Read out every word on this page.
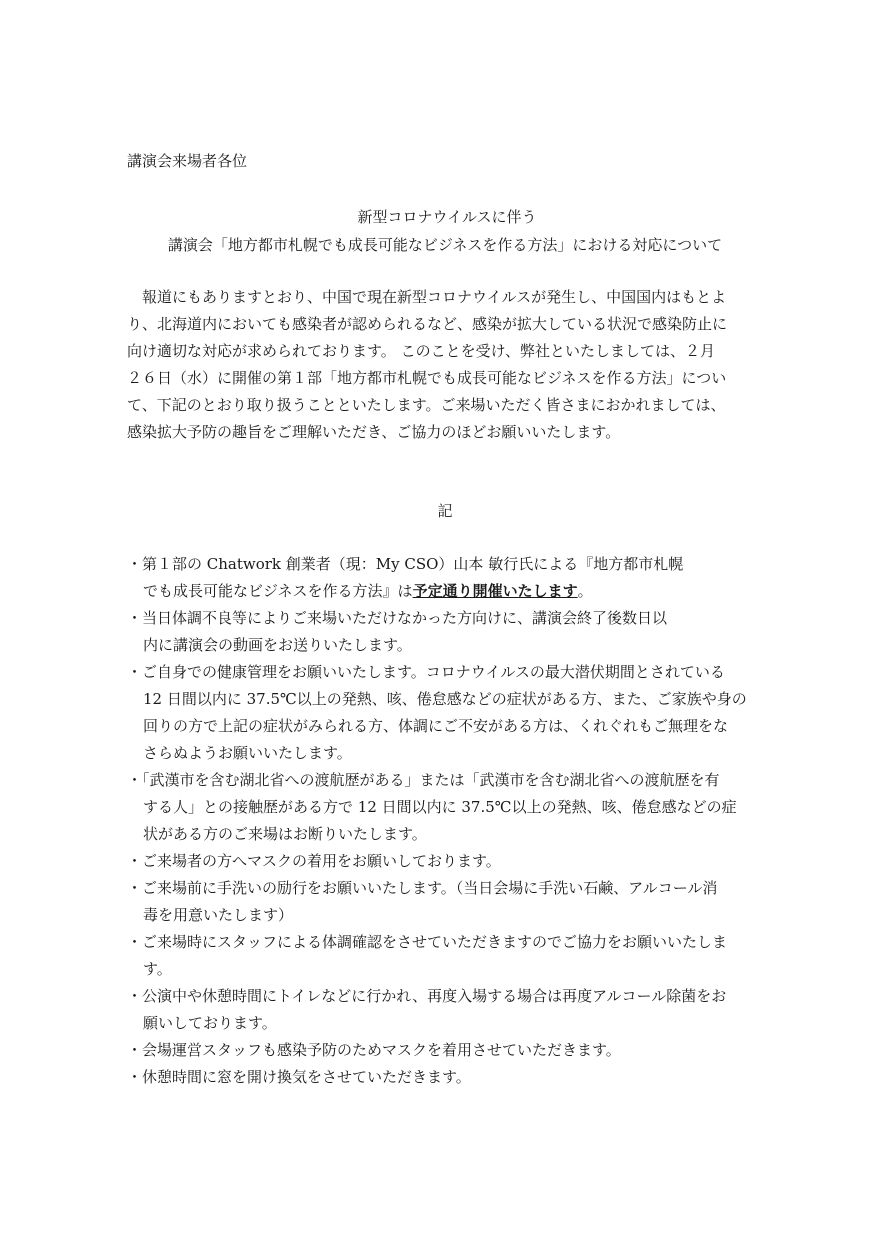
講演会来場者各位
新型コロナウイルスに伴う
講演会「地方都市札幌でも成長可能なビジネスを作る方法」における対応について
　報道にもありますとおり、中国で現在新型コロナウイルスが発生し、中国国内はもとよ
り、北海道内においても感染者が認められるなど、感染が拡大している状況で感染防止に
向け適切な対応が求められております。 このことを受け、弊社といたしましては、２月
２６日（水）に開催の第１部「地方都市札幌でも成長可能なビジネスを作る方法」につい
て、下記のとおり取り扱うことといたします。ご来場いただく皆さまにおかれましては、
感染拡大予防の趣旨をご理解いただき、ご協力のほどお願いいたします。
記
・第１部の Chatwork 創業者（現：My CSO）山本 敏行氏による『地方都市札幌
でも成長可能なビジネスを作る方法』は予定通り開催いたします。
・当日体調不良等によりご来場いただけなかった方向けに、講演会終了後数日以
内に講演会の動画をお送りいたします。
・ご自身での健康管理をお願いいたします。コロナウイルスの最大潜伏期間とされている
12 日間以内に 37.5℃以上の発熱、咳、倦怠感などの症状がある方、また、ご家族や身の
回りの方で上記の症状がみられる方、体調にご不安がある方は、くれぐれもご無理をな
さらぬようお願いいたします。
・「武漢市を含む湖北省への渡航歴がある」または「武漢市を含む湖北省への渡航歴を有
する人」との接触歴がある方で 12 日間以内に 37.5℃以上の発熱、咳、倦怠感などの症
状がある方のご来場はお断りいたします。
・ご来場者の方へマスクの着用をお願いしております。
・ご来場前に手洗いの励行をお願いいたします。（当日会場に手洗い石鹸、アルコール消
毒を用意いたします）
・ご来場時にスタッフによる体調確認をさせていただきますのでご協力をお願いいたしま
す。
・公演中や休憩時間にトイレなどに行かれ、再度入場する場合は再度アルコール除菌をお
願いしております。
・会場運営スタッフも感染予防のためマスクを着用させていただきます。
・休憩時間に窓を開け換気をさせていただきます。
